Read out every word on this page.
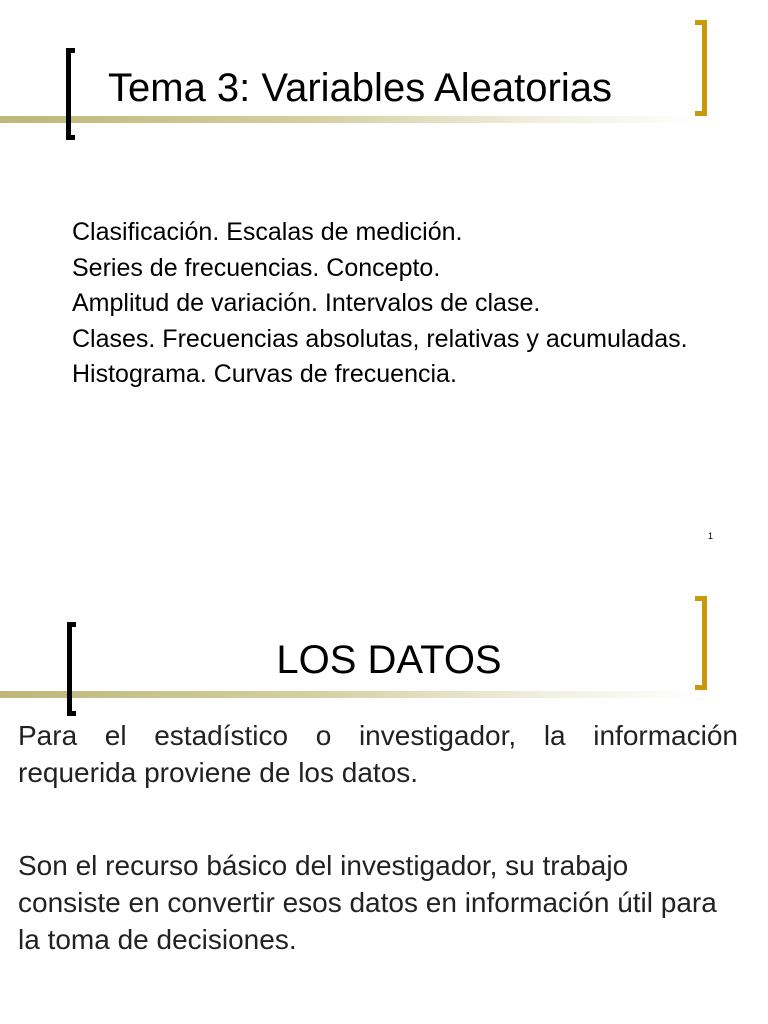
Tema 3: Variables Aleatorias
Clasificación. Escalas de medición.
Series de frecuencias. Concepto.
Amplitud de variación. Intervalos de clase.
Clases. Frecuencias absolutas, relativas y acumuladas.
Histograma. Curvas de frecuencia.
1
LOS DATOS

Para el estadístico o investigador, la información requerida proviene de los datos.

Son el recurso básico del investigador, su trabajo consiste en convertir esos datos en información útil para la toma de decisiones.
